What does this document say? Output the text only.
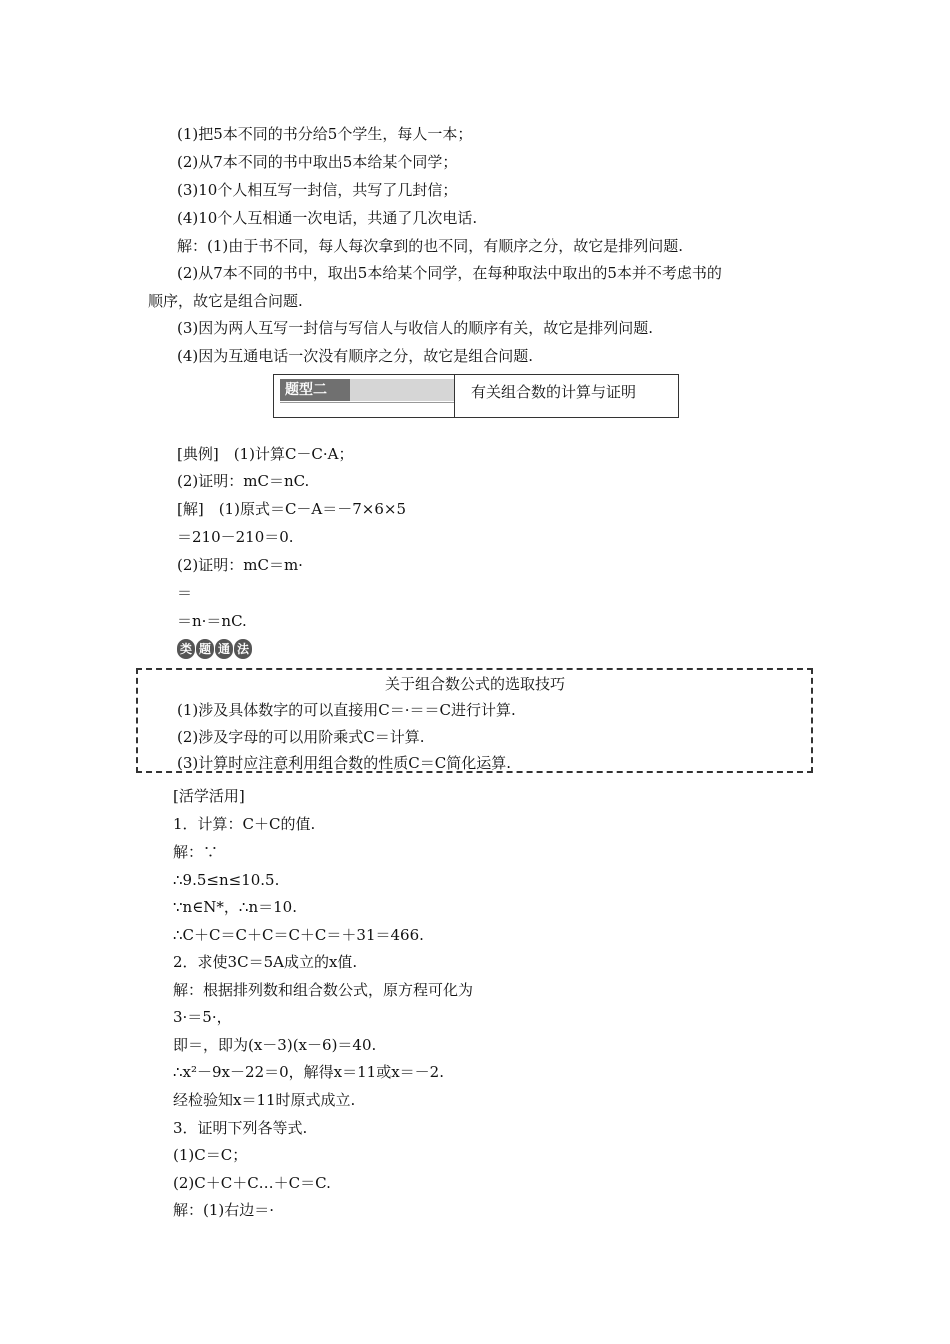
(1)把5本不同的书分给5个学生，每人一本；
(2)从7本不同的书中取出5本给某个同学；
(3)10个人相互写一封信，共写了几封信；
(4)10个人互相通一次电话，共通了几次电话.
解：(1)由于书不同，每人每次拿到的也不同，有顺序之分，故它是排列问题.
(2)从7本不同的书中，取出5本给某个同学，在每种取法中取出的5本并不考虑书的
顺序，故它是组合问题.
(3)因为两人互写一封信与写信人与收信人的顺序有关，故它是排列问题.
(4)因为互通电话一次没有顺序之分，故它是组合问题.
题型二	有关组合数的计算与证明
[典例]　(1)计算C－C·A；
(2)证明：mC＝nC.
[解]　(1)原式＝C－A＝－7×6×5
＝210－210＝0.
(2)证明：mC＝m·
＝
＝n·＝nC.
类 题 通 法
关于组合数公式的选取技巧
(1)涉及具体数字的可以直接用C＝·＝＝C进行计算.
(2)涉及字母的可以用阶乘式C＝计算.
(3)计算时应注意利用组合数的性质C＝C简化运算.
[活学活用]
1．计算：C＋C的值.
解：∵
∴9.5≤n≤10.5.
∵n∈N*，∴n＝10.
∴C＋C＝C＋C＝C＋C＝＋31＝466.
2．求使3C＝5A成立的x值.
解：根据排列数和组合数公式，原方程可化为
3·＝5·，
即＝，即为(x－3)(x－6)＝40.
∴x²－9x－22＝0，解得x＝11或x＝－2.
经检验知x＝11时原式成立.
3．证明下列各等式.
(1)C＝C；
(2)C＋C＋C…＋C＝C.
解：(1)右边＝·
